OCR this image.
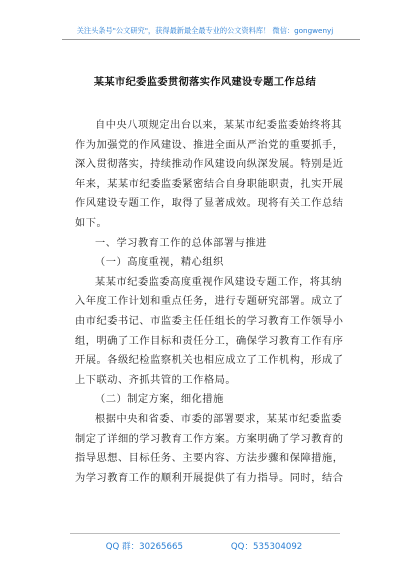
关注头条号"公文研究"，获得最新最全最专业的公文资料库！ 微信：gongwenyj
某某市纪委监委贯彻落实作风建设专题工作总结
自中央八项规定出台以来，某某市纪委监委始终将其
作为加强党的作风建设、推进全面从严治党的重要抓手，
深入贯彻落实，持续推动作风建设向纵深发展。特别是近
年来，某某市纪委监委紧密结合自身职能职责，扎实开展
作风建设专题工作，取得了显著成效。现将有关工作总结
如下。
一、学习教育工作的总体部署与推进
（一）高度重视，精心组织
某某市纪委监委高度重视作风建设专题工作，将其纳
入年度工作计划和重点任务，进行专题研究部署。成立了
由市纪委书记、市监委主任任组长的学习教育工作领导小
组，明确了工作目标和责任分工，确保学习教育工作有序
开展。各级纪检监察机关也相应成立了工作机构，形成了
上下联动、齐抓共管的工作格局。
（二）制定方案，细化措施
根据中央和省委、市委的部署要求，某某市纪委监委
制定了详细的学习教育工作方案。方案明确了学习教育的
指导思想、目标任务、主要内容、方法步骤和保障措施，
为学习教育工作的顺利开展提供了有力指导。同时，结合
QQ 群：30265665	QQ：535304092
